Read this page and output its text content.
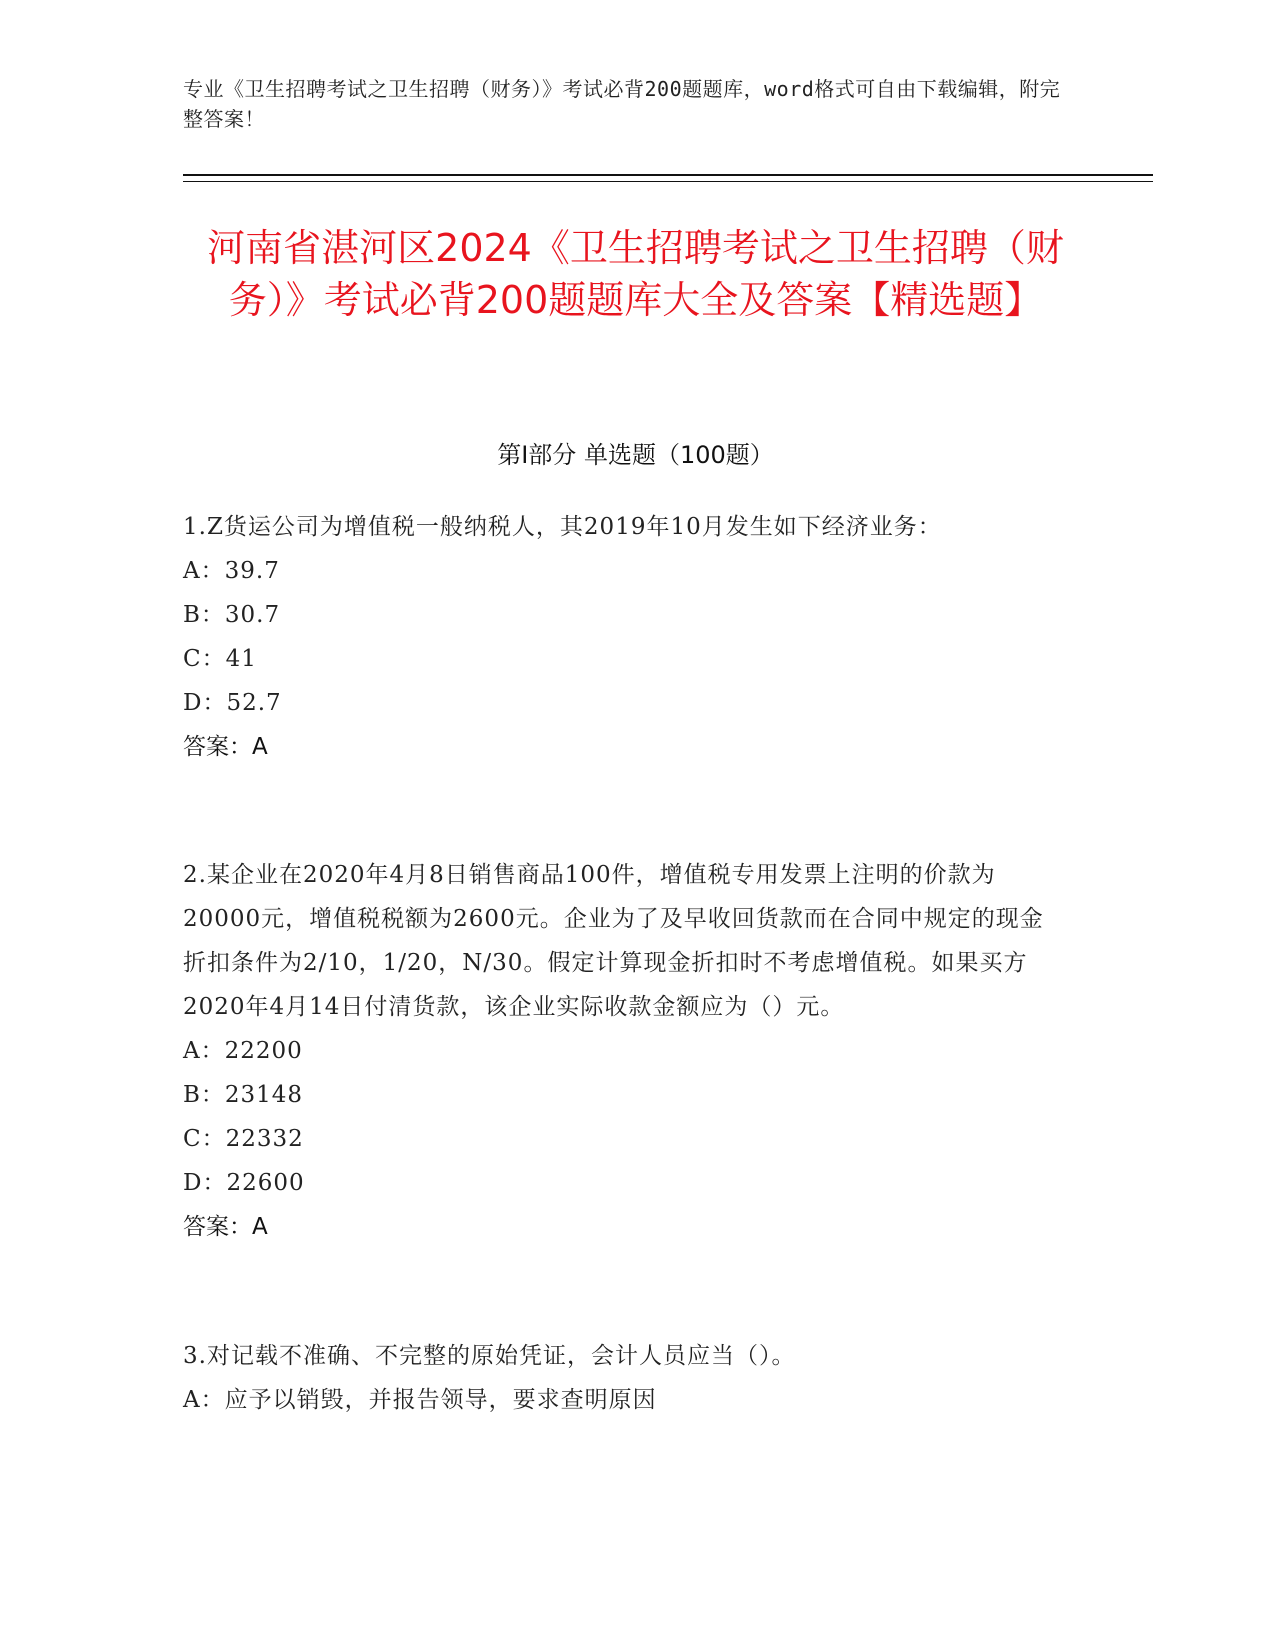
专业《卫生招聘考试之卫生招聘（财务）》考试必背200题题库，word格式可自由下载编辑，附完整答案！
河南省湛河区2024《卫生招聘考试之卫生招聘（财务）》考试必背200题题库大全及答案【精选题】
第I部分 单选题（100题）
1.Z货运公司为增值税一般纳税人，其2019年10月发生如下经济业务：
A：39.7
B：30.7
C：41
D：52.7
答案：A
2.某企业在2020年4月8日销售商品100件，增值税专用发票上注明的价款为20000元，增值税税额为2600元。企业为了及早收回货款而在合同中规定的现金折扣条件为2/10，1/20，N/30。假定计算现金折扣时不考虑增值税。如果买方2020年4月14日付清货款，该企业实际收款金额应为（）元。
A：22200
B：23148
C：22332
D：22600
答案：A
3.对记载不准确、不完整的原始凭证，会计人员应当（）。
A：应予以销毁，并报告领导，要求查明原因
